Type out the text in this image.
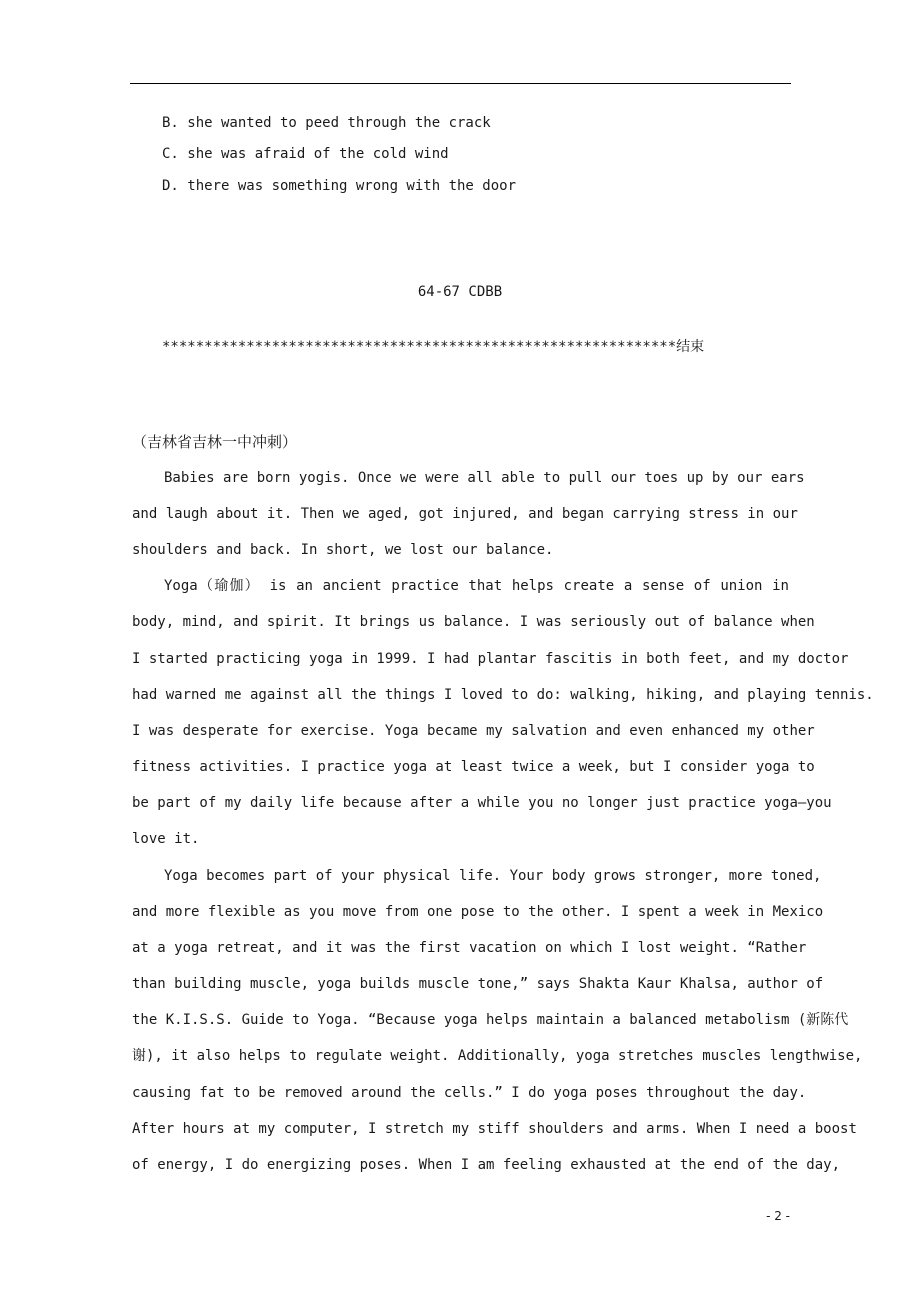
B. she wanted to peed through the crack
C. she was afraid of the cold wind
D. there was something wrong with the door
64-67 CDBB
*************************************************************结束
（吉林省吉林一中冲刺）
Babies are born yogis. Once we were all able to pull our toes up by our ears
and laugh about it. Then we aged, got injured, and began carrying stress in our
shoulders and back. In short, we lost our balance.
Yoga（瑜伽） is an ancient practice that helps create a sense of union in
body, mind, and spirit. It brings us balance. I was seriously out of balance when
I started practicing yoga in 1999. I had plantar fascitis in both feet, and my doctor
had warned me against all the things I loved to do: walking, hiking, and playing tennis.
I was desperate for exercise. Yoga became my salvation and even enhanced my other
fitness activities. I practice yoga at least twice a week, but I consider yoga to
be part of my daily life because after a while you no longer just practice yoga—you
love it.
Yoga becomes part of your physical life. Your body grows stronger, more toned,
and more flexible as you move from one pose to the other. I spent a week in Mexico
at a yoga retreat, and it was the first vacation on which I lost weight. “Rather
than building muscle, yoga builds muscle tone,” says Shakta Kaur Khalsa, author of
the K.I.S.S. Guide to Yoga. “Because yoga helps maintain a balanced metabolism (新陈代
谢), it also helps to regulate weight. Additionally, yoga stretches muscles lengthwise,
causing fat to be removed around the cells.” I do yoga poses throughout the day.
After hours at my computer, I stretch my stiff shoulders and arms. When I need a boost
of energy, I do energizing poses. When I am feeling exhausted at the end of the day,
- 2 -
